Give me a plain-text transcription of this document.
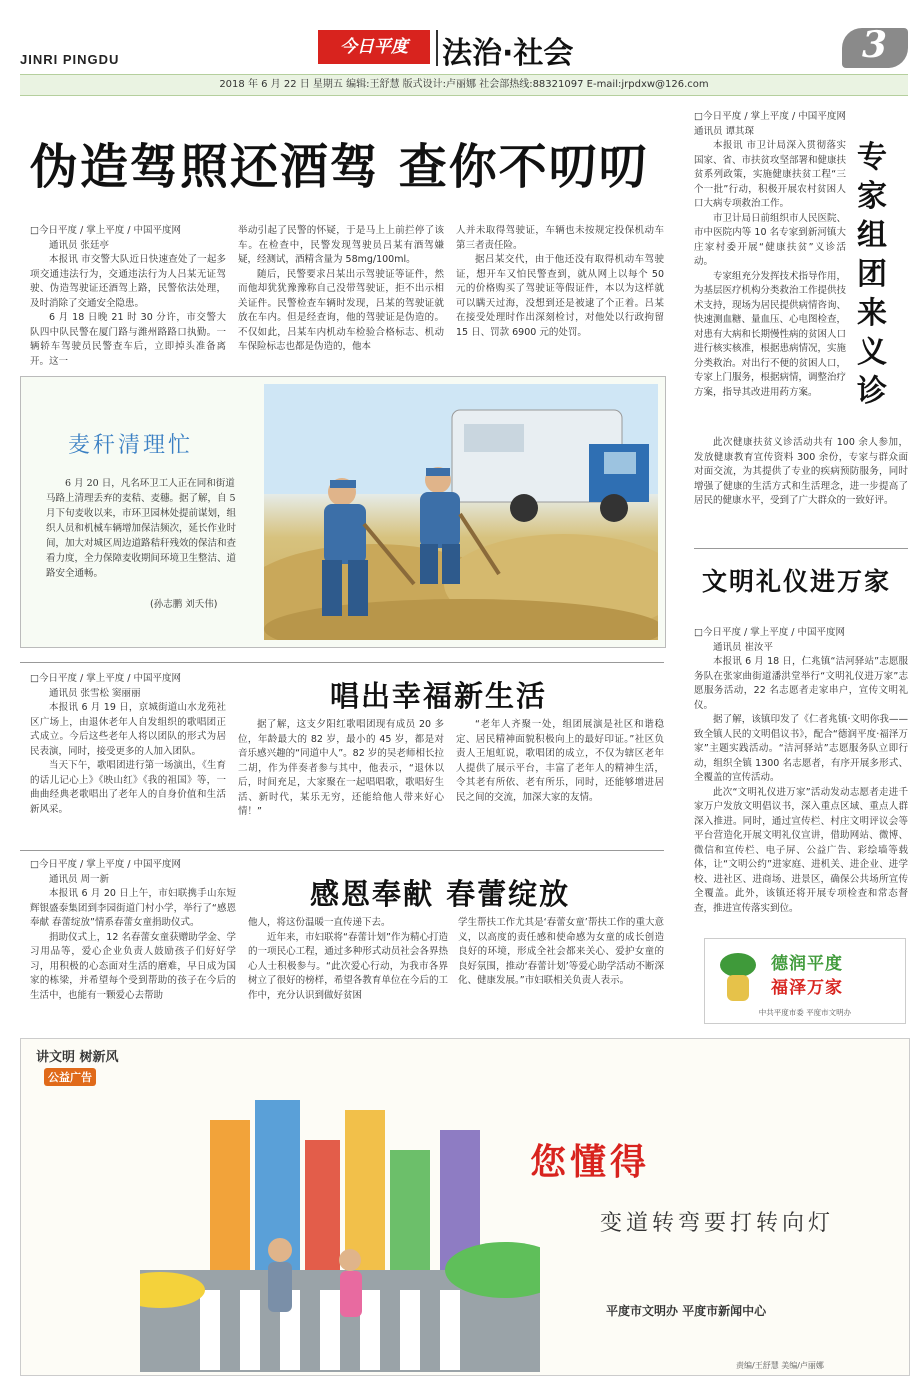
JINRI PINGDU
今日平度	法治·社会	3
2018 年 6 月 22 日 星期五 编辑:王舒慧 版式设计:卢丽娜 社会部热线:88321097 E-mail:jrpdxw@126.com
伪造驾照还酒驾 查你不叨叨

□今日平度 / 掌上平度 / 中国平度网

通讯员 张廷亭

本报讯 市交警大队近日快速查处了一起多项交通违法行为，交通违法行为人吕某无证驾驶、伪造驾驶证还酒驾上路，民警依法处理，及时消除了交通安全隐患。

6 月 18 日晚 21 时 30 分许，市交警大队四中队民警在厦门路与潍州路路口执勤。一辆轿车驾驶员民警查车后，立即掉头准备离开。这一

举动引起了民警的怀疑，于是马上上前拦停了该车。在检查中，民警发现驾驶员吕某有酒驾嫌疑，经测试，酒精含量为 58mg/100ml。

随后，民警要求吕某出示驾驶证等证件，然而他却犹犹豫豫称自己没带驾驶证，拒不出示相关证件。民警检查车辆时发现，吕某的驾驶证就放在车内。但是经查询，他的驾驶证是伪造的。不仅如此，吕某车内机动车检验合格标志、机动车保险标志也都是伪造的，他本

人并未取得驾驶证，车辆也未按规定投保机动车第三者责任险。

据吕某交代，由于他还没有取得机动车驾驶证，想开车又怕民警查到，就从网上以每个 50 元的价格购买了驾驶证等假证件，本以为这样就可以瞒天过海，没想到还是被逮了个正着。吕某在接受处理时作出深刻检讨，对他处以行政拘留 15 日、罚款 6900 元的处罚。

麦秆清理忙

6 月 20 日，凡名环卫工人正在同和街道马路上清理丢弃的麦秸、麦穗。据了解，自 5 月下旬麦收以来，市环卫园林处提前谋划，组织人员和机械车辆增加保洁频次，延长作业时间，加大对城区周边道路秸秆残效的保洁和查看力度，全力保障麦收期间环境卫生整洁、道路安全通畅。

(孙志鹏 刘夭伟)
唱出幸福新生活

□今日平度 / 掌上平度 / 中国平度网

通讯员 张雪松 窦丽丽

本报讯 6 月 19 日，京城街道山水龙苑社区广场上，由退休老年人自发组织的歌唱团正式成立。今后这些老年人将以团队的形式为居民表演，同时，接受更多的人加入团队。

当天下午，歌唱团进行第一场演出，《生育的话儿记心上》《映山红》《我的祖国》等，一曲曲经典老歌唱出了老年人的自身价值和生活新风采。

据了解，这支夕阳红歌唱团现有成员 20 多位，年龄最大的 82 岁，最小的 45 岁，都是对音乐感兴趣的“同道中人”。82 岁的吴老师相长拉二胡，作为伴奏者参与其中，他表示，“退休以后，时间充足，大家聚在一起唱唱歌，歌唱好生活、新时代，某乐无穷，还能给他人带来好心情！”

“老年人齐聚一处，组团展演是社区和谐稳定、居民精神面貌积极向上的最好印证。”社区负责人王旭虹说，歌唱团的成立，不仅为辖区老年人提供了展示平台，丰富了老年人的精神生活，令其老有所依、老有所乐，同时，还能够增进居民之间的交流，加深大家的友情。

感恩奉献 春蕾绽放

□今日平度 / 掌上平度 / 中国平度网

通讯员 周一新

本报讯 6 月 20 日上午，市妇联携手山东短辉银盛泰集团到李园街道门村小学，举行了“感恩奉献 春蕾绽放”情系春蕾女童捐助仪式。

捐助仪式上，12 名春蕾女童获赠助学金、学习用品等，爱心企业负责人鼓励孩子们好好学习，用积极的心态面对生活的磨难，早日成为国家的栋梁，并希望每个受到帮助的孩子在今后的生活中，也能有一颗爱心去帮助

他人，将这份温暖一直传递下去。

近年来，市妇联将“春蕾计划”作为精心打造的一项民心工程，通过多种形式动员社会各界热心人士积极参与。“此次爱心行动，为我市各界树立了很好的榜样，希望各教育单位在今后的工作中，充分认识到做好贫困

学生帮扶工作尤其是‘春蕾女童’帮扶工作的重大意义，以高度的责任感和使命感为女童的成长创造良好的环境，形成全社会都来关心、爱护女童的良好氛围，推动‘春蕾计划’等爱心助学活动不断深化、健康发展。”市妇联相关负责人表示。

专家组团来义诊

□今日平度 / 掌上平度 / 中国平度网通讯员 谭其琛

本报讯 市卫计局深入贯彻落实国家、省、市扶贫攻坚部署和健康扶贫系列政策，实施健康扶贫工程“三个一批”行动，积极开展农村贫困人口大病专项救治工作。

市卫计局日前组织市人民医院、市中医院内等 10 名专家到新河镇大庄家村委开展“健康扶贫”义诊活动。

专家组充分发挥技术指导作用，为基层医疗机构分类救治工作提供技术支持，现场为居民提供病情咨询、快速测血糖、量血压、心电图检查，对患有大病和长期慢性病的贫困人口进行核实核准，根据患病情况，实施分类救治。对出行不便的贫困人口，专家上门服务，根据病情，调整治疗方案，指导其改进用药方案。

此次健康扶贫义诊活动共有 100 余人参加，发放健康教育宣传资料 300 余份，专家与群众面对面交流，为其提供了专业的疾病预防服务，同时增强了健康的生活方式和生活理念，进一步提高了居民的健康水平，受到了广大群众的一致好评。

文明礼仪进万家

□今日平度 / 掌上平度 / 中国平度网

通讯员 崔汝平

本报讯 6 月 18 日，仁兆镇“洁河驿站”志愿服务队在张家曲街道潘洪堂举行“文明礼仪进万家”志愿服务活动，22 名志愿者走家串户，宣传文明礼仪。

据了解，该镇印发了《仁者兆镇·文明你我——致全镇人民的文明倡议书》，配合“德润平度·福泽万家”主题实践活动。“洁河驿站”志愿服务队立即行动，组织全镇 1300 名志愿者，有序开展多形式、全覆盖的宣传活动。

此次“文明礼仪进万家”活动发动志愿者走进千家万户发放文明倡议书，深入重点区域、重点人群深入推进。同时，通过宣传栏、村庄文明评议会等平台营造化开展文明礼仪宣讲，借助网站、微博、微信和宣传栏、电子屏、公益广告、彩绘墙等载体，让“文明公约”进家庭、进机关、进企业、进学校、进社区、进商场、进景区，确保公共场所宣传全覆盖。此外，该镇还将开展专项检查和常态督查，推进宣传落实到位。

德润平度
福泽万家
中共平度市委 平度市文明办
讲文明 树新风
公益广告
您懂得
变道转弯要打转向灯
平度市文明办 平度市新闻中心
责编/王舒慧 美编/卢丽娜
